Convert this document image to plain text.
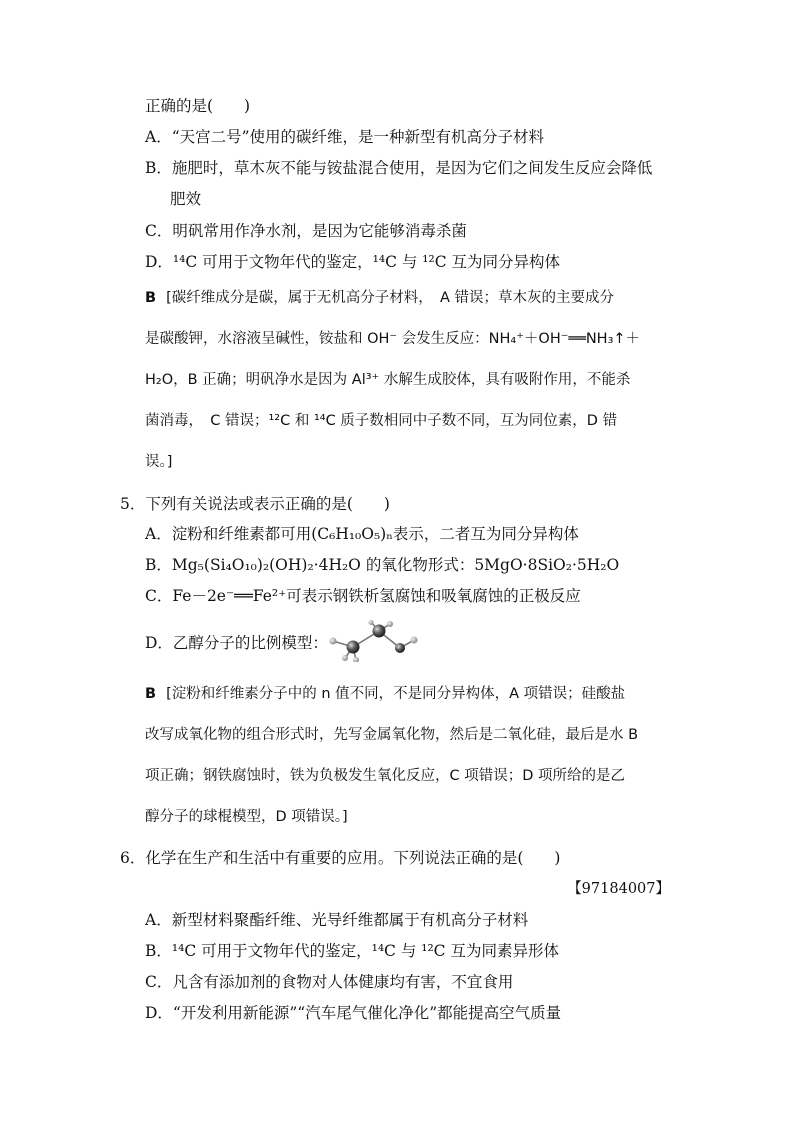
正确的是(　　)
A．“天宫二号”使用的碳纤维，是一种新型有机高分子材料
B．施肥时，草木灰不能与铵盐混合使用，是因为它们之间发生反应会降低
肥效
C．明矾常用作净水剂，是因为它能够消毒杀菌
D．¹⁴C 可用于文物年代的鉴定，¹⁴C 与 ¹²C 互为同分异构体
B [碳纤维成分是碳，属于无机高分子材料，　A 错误；草木灰的主要成分
是碳酸钾，水溶液呈碱性，铵盐和 OH⁻ 会发生反应：NH₄⁺＋OH⁻══NH₃↑＋
H₂O，B 正确；明矾净水是因为 Al³⁺ 水解生成胶体，具有吸附作用，不能杀
菌消毒，　C 错误；¹²C 和 ¹⁴C 质子数相同中子数不同，互为同位素，D 错
误。]
5．下列有关说法或表示正确的是(　　)
A．淀粉和纤维素都可用(C₆H₁₀O₅)ₙ表示，二者互为同分异构体
B．Mg₅(Si₄O₁₀)₂(OH)₂·4H₂O 的氧化物形式：5MgO·8SiO₂·5H₂O
C．Fe－2e⁻══Fe²⁺可表示钢铁析氢腐蚀和吸氧腐蚀的正极反应
D．乙醇分子的比例模型：
B [淀粉和纤维素分子中的 n 值不同，不是同分异构体，A 项错误；硅酸盐
改写成氧化物的组合形式时，先写金属氧化物，然后是二氧化硅，最后是水 B
项正确；钢铁腐蚀时，铁为负极发生氧化反应，C 项错误；D 项所给的是乙
醇分子的球棍模型，D 项错误。]
6．化学在生产和生活中有重要的应用。下列说法正确的是(　　)
【97184007】
A．新型材料聚酯纤维、光导纤维都属于有机高分子材料
B．¹⁴C 可用于文物年代的鉴定，¹⁴C 与 ¹²C 互为同素异形体
C．凡含有添加剂的食物对人体健康均有害，不宜食用
D．“开发利用新能源”“汽车尾气催化净化”都能提高空气质量
